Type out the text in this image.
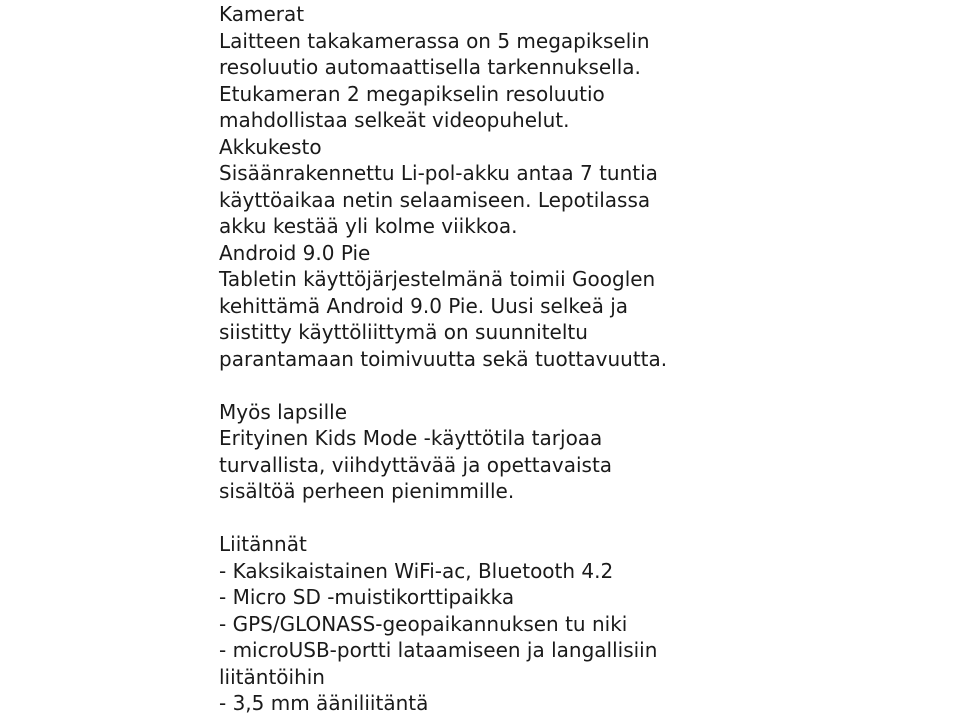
Kamerat
Laitteen takakamerassa on 5 megapikselin
resoluutio automaattisella tarkennuksella.
Etukameran 2 megapikselin resoluutio
mahdollistaa selkeät videopuhelut.
Akkukesto
Sisäänrakennettu Li-pol-akku antaa 7 tuntia
käyttöaikaa netin selaamiseen. Lepotilassa
akku kestää yli kolme viikkoa.
Android 9.0 Pie
Tabletin käyttöjärjestelmänä toimii Googlen
kehittämä Android 9.0 Pie. Uusi selkeä ja
siistitty käyttöliittymä on suunniteltu
parantamaan toimivuutta sekä tuottavuutta.
Myös lapsille
Erityinen Kids Mode -käyttötila tarjoaa
turvallista, viihdyttävää ja opettavaista
sisältöä perheen pienimmille.
Liitännät
- Kaksikaistainen WiFi-ac, Bluetooth 4.2
- Micro SD -muistikorttipaikka
- GPS/GLONASS-geopaikannuksen tu niki
- microUSB-portti lataamiseen ja langallisiin
liitäntöihin
- 3,5 mm ääniliitäntä
